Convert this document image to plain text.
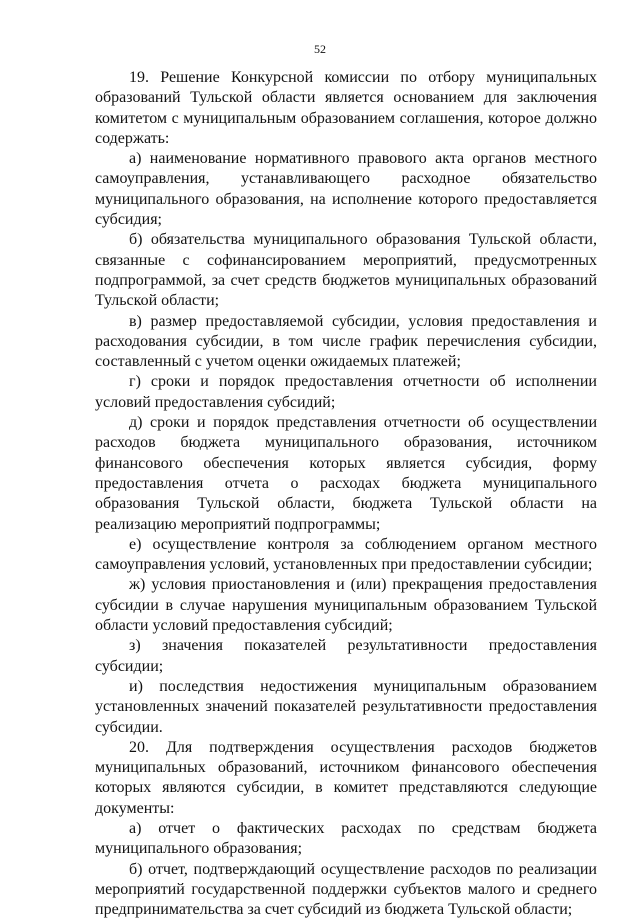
52

19. Решение Конкурсной комиссии по отбору муниципальных образований Тульской области является основанием для заключения комитетом с муниципальным образованием соглашения, которое должно содержать:

а) наименование нормативного правового акта органов местного самоуправления, устанавливающего расходное обязательство муниципального образования, на исполнение которого предоставляется субсидия;

б) обязательства муниципального образования Тульской области, связанные с софинансированием мероприятий, предусмотренных подпрограммой, за счет средств бюджетов муниципальных образований Тульской области;

в) размер предоставляемой субсидии, условия предоставления и расходования субсидии, в том числе график перечисления субсидии, составленный с учетом оценки ожидаемых платежей;

г) сроки и порядок предоставления отчетности об исполнении условий предоставления субсидий;

д) сроки и порядок представления отчетности об осуществлении расходов бюджета муниципального образования, источником финансового обеспечения которых является субсидия, форму предоставления отчета о расходах бюджета муниципального образования Тульской области, бюджета Тульской области на реализацию мероприятий подпрограммы;

е) осуществление контроля за соблюдением органом местного самоуправления условий, установленных при предоставлении субсидии;

ж) условия приостановления и (или) прекращения предоставления субсидии в случае нарушения муниципальным образованием Тульской области условий предоставления субсидий;

з) значения показателей результативности предоставления субсидии;

и) последствия недостижения муниципальным образованием установленных значений показателей результативности предоставления субсидии.

20. Для подтверждения осуществления расходов бюджетов муниципальных образований, источником финансового обеспечения которых являются субсидии, в комитет представляются следующие документы:

а) отчет о фактических расходах по средствам бюджета муниципального образования;

б) отчет, подтверждающий осуществление расходов по реализации мероприятий государственной поддержки субъектов малого и среднего предпринимательства за счет субсидий из бюджета Тульской области;
